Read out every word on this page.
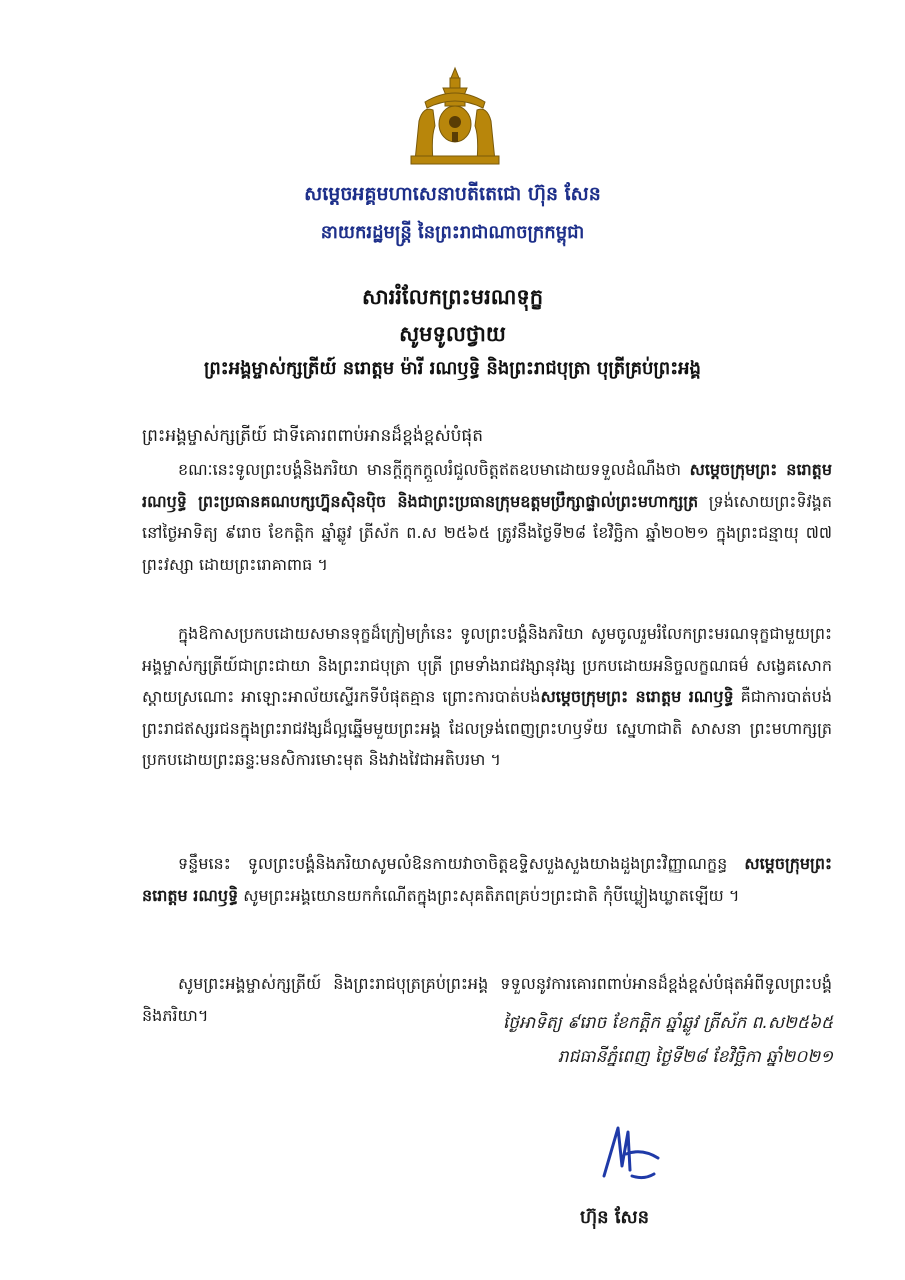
សម្តេចអគ្គមហាសេនាបតីតេជោ ហ៊ុន សែន
នាយករដ្ឋមន្ត្រី នៃព្រះរាជាណាចក្រកម្ពុជា
សាររំលែកព្រះមរណទុក្ខ
សូមទូលថ្វាយ
ព្រះអង្គម្ចាស់ក្សត្រីយ៍ នរោត្តម ម៉ារី រណឫទ្ធិ និងព្រះរាជបុត្រា បុត្រីគ្រប់ព្រះអង្គ
ព្រះអង្គម្ចាស់ក្សត្រីយ៍ ជាទីគោរពពាប់អានដ៏ខ្ពង់ខ្ពស់បំផុត
ខណៈនេះទូលព្រះបង្គំនិងភរិយា មានក្តីក្តុកក្តួលរំជួលចិត្តឥតឧបមាដោយទទួលដំណឹងថា សម្តេចក្រុមព្រះ នរោត្តម រណឫទ្ធិ ព្រះប្រធានគណបក្សហ្វ៊ុនស៊ិនប៉ិច និងជាព្រះប្រធានក្រុមឧត្តមប្រឹក្សាផ្ទាល់ព្រះមហាក្សត្រ ទ្រង់សោយព្រះទិវង្គតនៅថ្ងៃអាទិត្យ ៩រោច ខែកត្តិក ឆ្នាំឆ្លូវ ត្រីស័ក ព.ស ២៥៦៥ ត្រូវនឹងថ្ងៃទី២៨ ខែវិច្ឆិកា ឆ្នាំ២០២១ ក្នុងព្រះជន្មាយុ ៧៧ ព្រះវស្សា ដោយព្រះរោគាពាធ ។
ក្នុងឱកាសប្រកបដោយសមានទុក្ខដ៏ក្រៀមក្រំនេះ ទូលព្រះបង្គំនិងភរិយា សូមចូលរួមរំលែកព្រះមរណទុក្ខជាមួយព្រះអង្គម្ចាស់ក្សត្រីយ៍ជាព្រះជាយា និងព្រះរាជបុត្រា បុត្រី ព្រមទាំងរាជវង្សានុវង្ស ប្រកបដោយអនិច្ចលក្ខណធម៌ សង្វេគសោកស្តាយស្រណោះ អាឡោះអាល័យស្ទើរកទីបំផុតគ្មាន ព្រោះការបាត់បង់សម្តេចក្រុមព្រះ នរោត្តម រណឫទ្ធិ គឺជាការបាត់បង់ព្រះរាជឥស្សរជនក្នុងព្រះរាជវង្សដ៏ល្អឆ្នើមមួយព្រះអង្គ ដែលទ្រង់ពេញព្រះហឫទ័យ ស្នេហាជាតិ សាសនា ព្រះមហាក្សត្រ ប្រកបដោយព្រះឆន្ទៈមនសិការមោះមុត និងវាងវៃជាអតិបរមា ។
ទន្ទឹមនេះ ទូលព្រះបង្គំនិងភរិយាសូមលំឱនកាយវាចាចិត្តឧទ្ទិសបួងសួងយាងដួងព្រះវិញ្ញាណក្ខន្ធ សម្តេចក្រុមព្រះ នរោត្តម រណឫទ្ធិ សូមព្រះអង្គយោនយកកំណើតក្នុងព្រះសុគតិភពគ្រប់ៗព្រះជាតិ កុំបីឃ្លៀងឃ្លាតឡើយ ។
សូមព្រះអង្គម្ចាស់ក្សត្រីយ៍ និងព្រះរាជបុត្រគ្រប់ព្រះអង្គ ទទួលនូវការគោរពពាប់អានដ៏ខ្ពង់ខ្ពស់បំផុតអំពីទូលព្រះបង្គំនិងភរិយា។	ថ្ងៃអាទិត្យ ៩រោច ខែកត្តិក ឆ្នាំឆ្លូវ ត្រីស័ក ព.ស២៥៦៥
រាជធានីភ្នំពេញ ថ្ងៃទី២៨ ខែវិច្ឆិកា ឆ្នាំ២០២១
ហ៊ុន សែន
